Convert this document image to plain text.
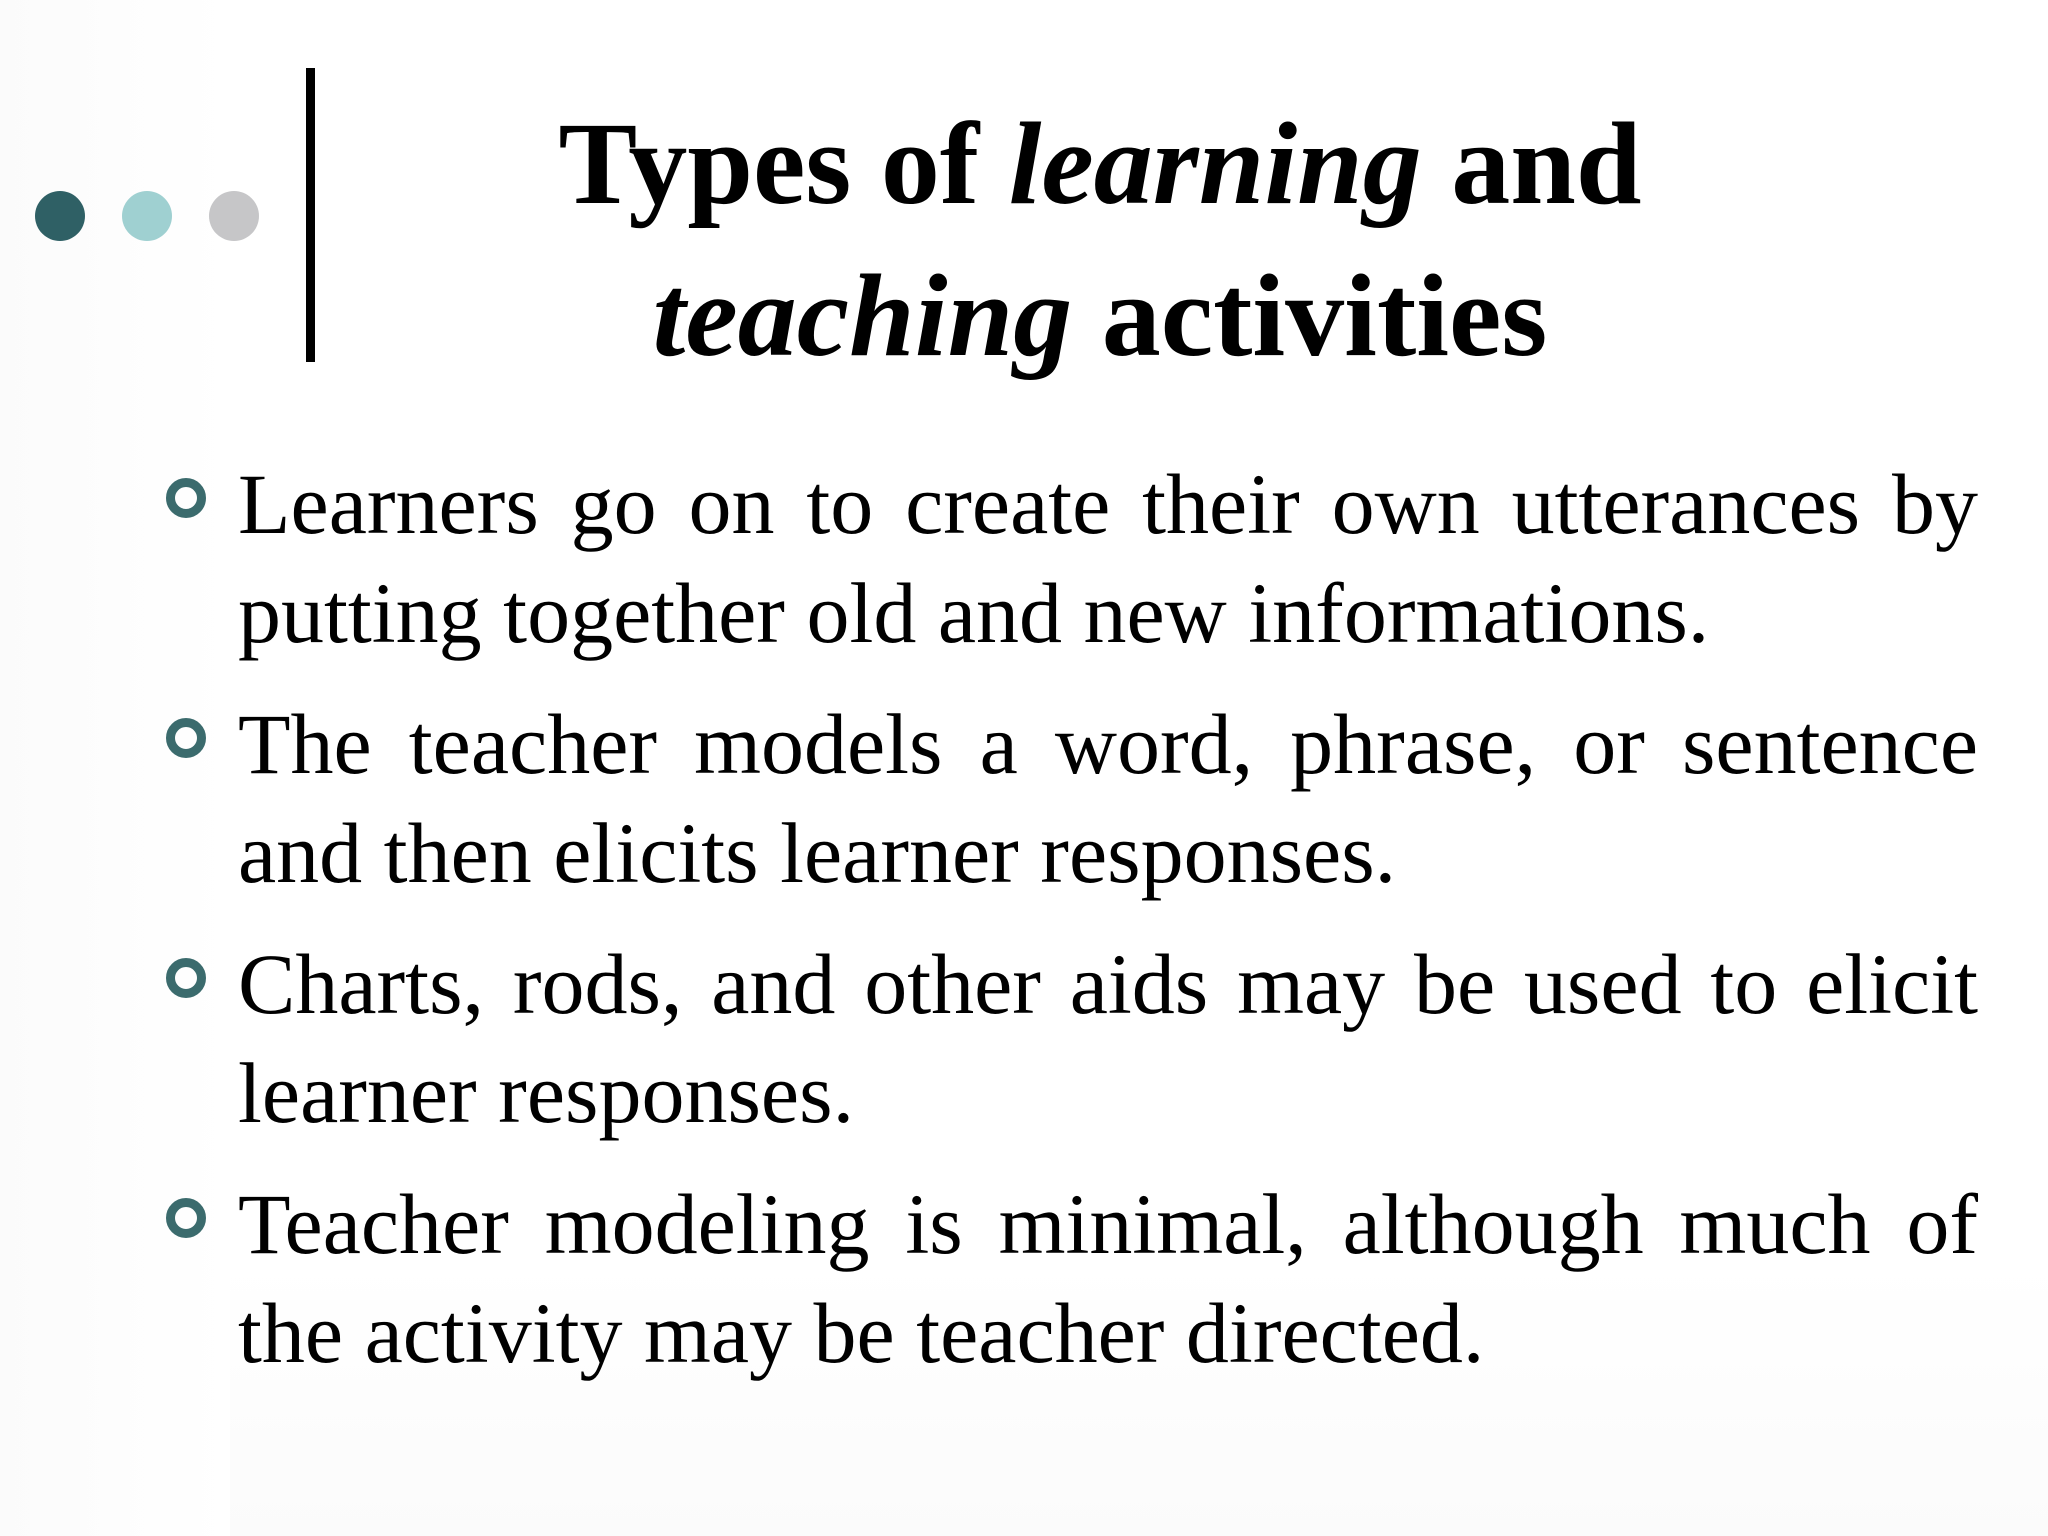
Types of learning and
teaching activities
Learners go on to create their own utterances by putting together old and new informations.
The teacher models a word, phrase, or sentence and then elicits learner responses.
Charts, rods, and other aids may be used to elicit learner responses.
Teacher modeling is minimal, although much of the activity may be teacher directed.
